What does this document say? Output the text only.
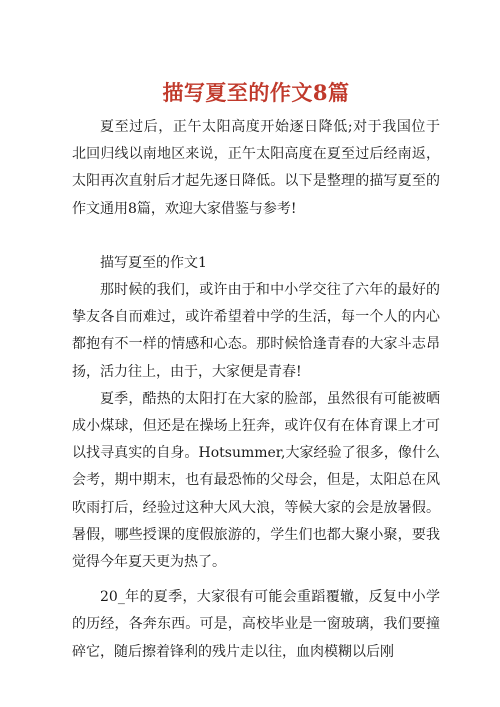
描写夏至的作文8篇

夏至过后，正午太阳高度开始逐日降低;对于我国位于北回归线以南地区来说，正午太阳高度在夏至过后经南返，太阳再次直射后才起先逐日降低。以下是整理的描写夏至的作文通用8篇，欢迎大家借鉴与参考!

描写夏至的作文1

那时候的我们，或许由于和中小学交往了六年的最好的挚友各自而难过，或许希望着中学的生活，每一个人的内心都抱有不一样的情感和心态。那时候恰逢青春的大家斗志昂扬，活力往上，由于，大家便是青春!

夏季，酷热的太阳打在大家的脸部，虽然很有可能被晒成小煤球，但还是在操场上狂奔，或许仅有在体育课上才可以找寻真实的自身。Hotsummer,大家经验了很多，像什么会考，期中期末，也有最恐怖的父母会，但是，太阳总在风吹雨打后，经验过这种大风大浪，等候大家的会是放暑假。暑假，哪些授课的度假旅游的，学生们也都大聚小聚，要我觉得今年夏天更为热了。

20_年的夏季，大家很有可能会重蹈覆辙，反复中小学的历经，各奔东西。可是，高校毕业是一窗玻璃，我们要撞碎它，随后擦着锋利的残片走以往，血肉模糊以后刚
